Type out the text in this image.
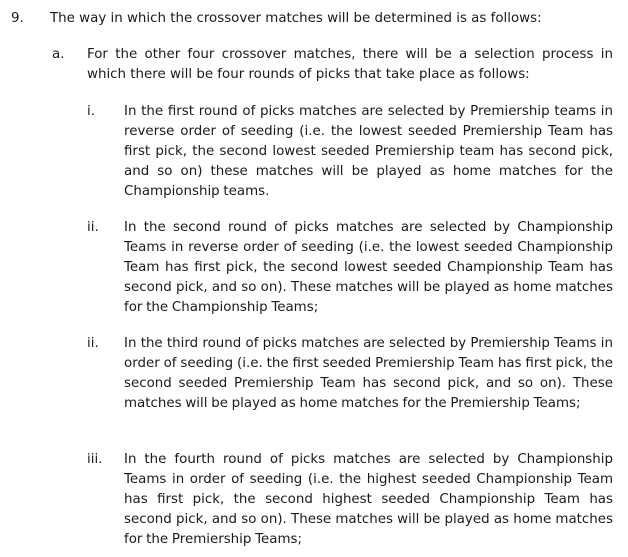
9. The way in which the crossover matches will be determined is as follows:
a. For the other four crossover matches, there will be a selection process in which there will be four rounds of picks that take place as follows:
i. In the first round of picks matches are selected by Premiership teams in reverse order of seeding (i.e. the lowest seeded Premiership Team has first pick, the second lowest seeded Premiership team has second pick, and so on) these matches will be played as home matches for the Championship teams.
ii. In the second round of picks matches are selected by Championship Teams in reverse order of seeding (i.e. the lowest seeded Championship Team has first pick, the second lowest seeded Championship Team has second pick, and so on). These matches will be played as home matches for the Championship Teams;
ii. In the third round of picks matches are selected by Premiership Teams in order of seeding (i.e. the first seeded Premiership Team has first pick, the second seeded Premiership Team has second pick, and so on). These matches will be played as home matches for the Premiership Teams;
iii. In the fourth round of picks matches are selected by Championship Teams in order of seeding (i.e. the highest seeded Championship Team has first pick, the second highest seeded Championship Team has second pick, and so on). These matches will be played as home matches for the Premiership Teams;
